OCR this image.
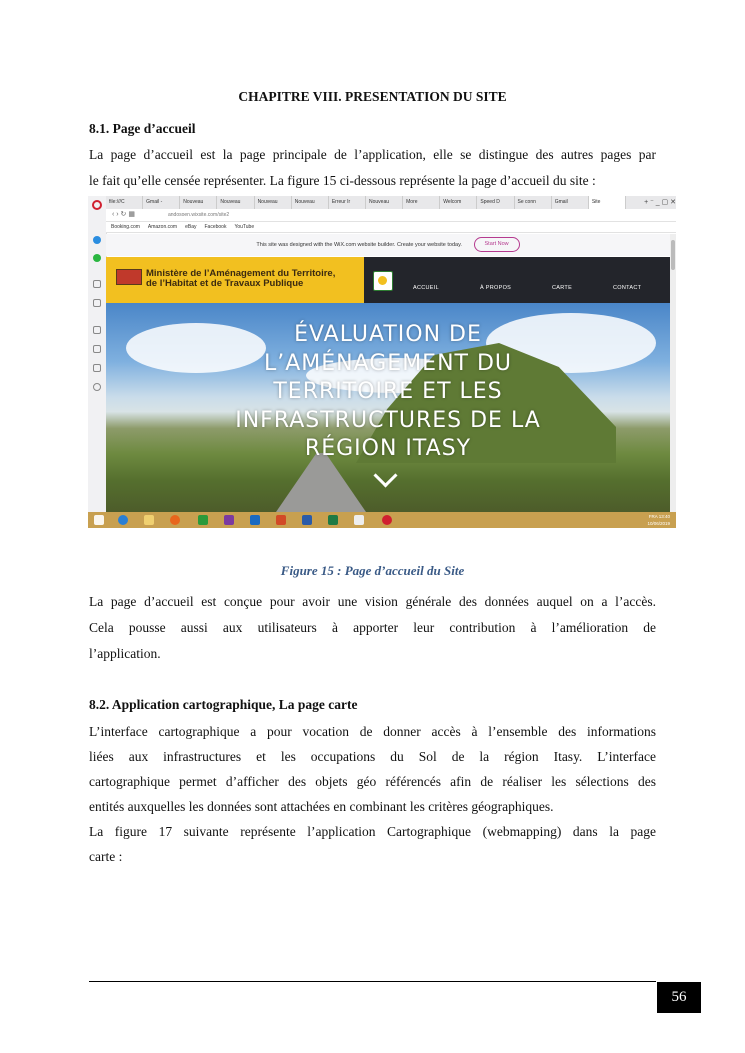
CHAPITRE VIII. PRESENTATION DU SITE
8.1. Page d’accueil
La page d’accueil est la page principale de l’application, elle se distingue des autres pages par
le fait qu’elle censée représenter. La figure 15 ci-dessous représente la page d’accueil du site :
file:///C	Gmail -	Nouveau	Nouveau	Nouveau	Nouveau	Erreur Ir	Nouveau	More	Welcom	Speed D	Se conn	Gmail	Site	+ ⁻ _ ▢ ✕
‹ › ↻ ▦	andosoen.wixsite.com/site2
Booking.com Amazon.com eBay Facebook YouTube
This site was designed with the WiX.com website builder. Create your website today.	Start Now
Ministère de l’Aménagement du Territoire,
de l’Habitat et de Travaux Publique	ACCUEIL	À PROPOS	CARTE	CONTACT
ÉVALUATION DE
L’AMÉNAGEMENT DU
TERRITOIRE ET LES
INFRASTRUCTURES DE LA
RÉGION ITASY
FRA 13:40
10/06/2019
Figure 15 : Page d’accueil du Site
La page d’accueil est conçue pour avoir une vision générale des données auquel on a l’accès.
Cela pousse aussi aux utilisateurs à apporter leur contribution à l’amélioration de
l’application.
8.2. Application cartographique, La page carte
L’interface cartographique a pour vocation de donner accès à l’ensemble des informations
liées aux infrastructures et les occupations du Sol de la région Itasy. L’interface
cartographique permet d’afficher des objets géo référencés afin de réaliser les sélections des
entités auxquelles les données sont attachées en combinant les critères géographiques.
La figure 17 suivante représente l’application Cartographique (webmapping) dans la page
carte :
56
